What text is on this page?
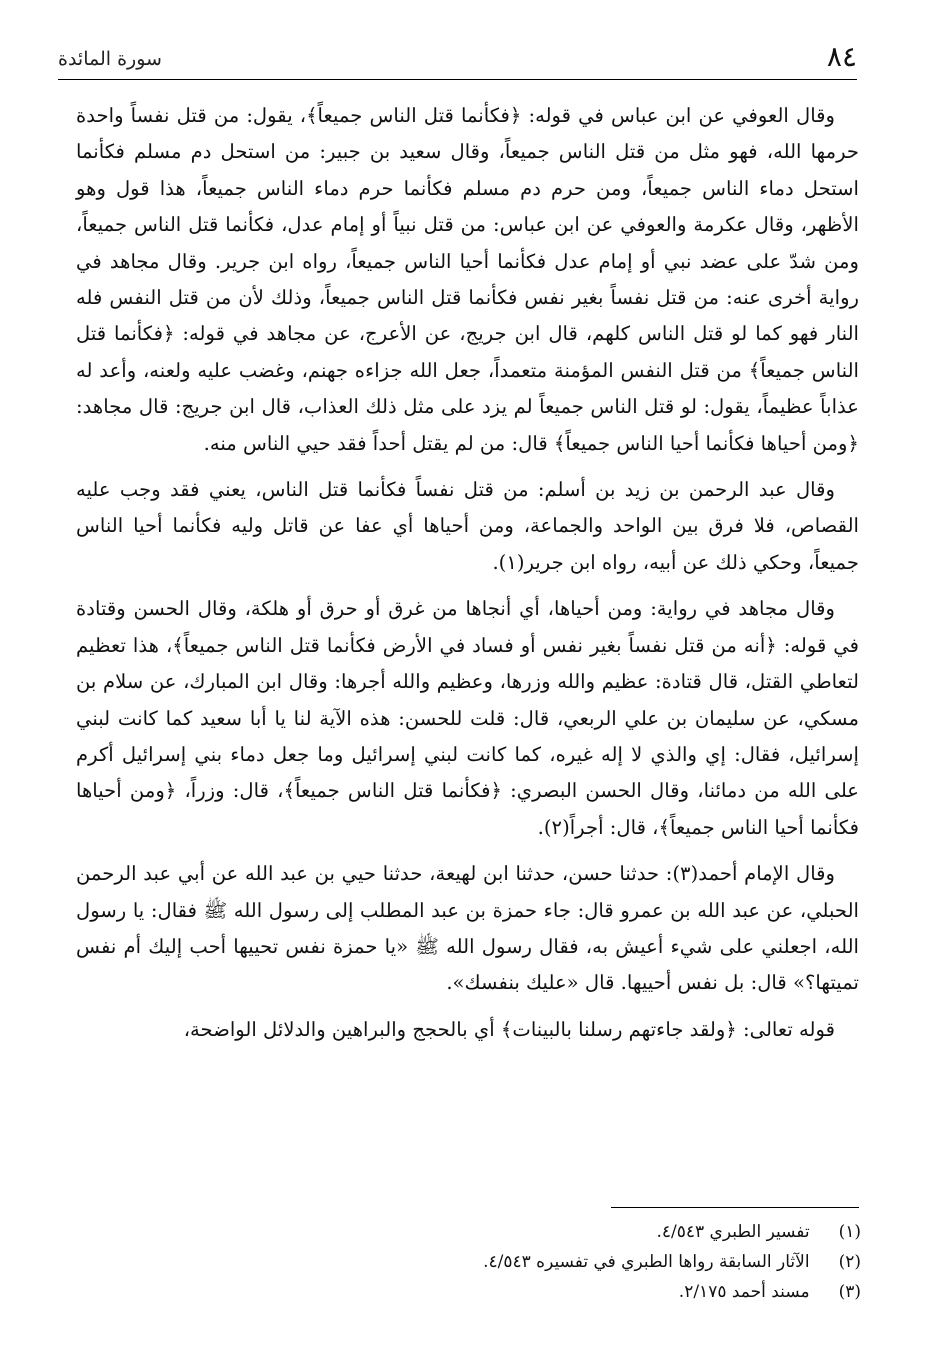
٨٤
سورة المائدة

وقال العوفي عن ابن عباس في قوله: ﴿فكأنما قتل الناس جميعاً﴾، يقول: من قتل نفساً واحدة حرمها الله، فهو مثل من قتل الناس جميعاً، وقال سعيد بن جبير: من استحل دم مسلم فكأنما استحل دماء الناس جميعاً، ومن حرم دم مسلم فكأنما حرم دماء الناس جميعاً، هذا قول وهو الأظهر، وقال عكرمة والعوفي عن ابن عباس: من قتل نبياً أو إمام عدل، فكأنما قتل الناس جميعاً، ومن شدّ على عضد نبي أو إمام عدل فكأنما أحيا الناس جميعاً، رواه ابن جرير. وقال مجاهد في رواية أخرى عنه: من قتل نفساً بغير نفس فكأنما قتل الناس جميعاً، وذلك لأن من قتل النفس فله النار فهو كما لو قتل الناس كلهم، قال ابن جريج، عن الأعرج، عن مجاهد في قوله: ﴿فكأنما قتل الناس جميعاً﴾ من قتل النفس المؤمنة متعمداً، جعل الله جزاءه جهنم، وغضب عليه ولعنه، وأعد له عذاباً عظيماً، يقول: لو قتل الناس جميعاً لم يزد على مثل ذلك العذاب، قال ابن جريج: قال مجاهد: ﴿ومن أحياها فكأنما أحيا الناس جميعاً﴾ قال: من لم يقتل أحداً فقد حيي الناس منه.

وقال عبد الرحمن بن زيد بن أسلم: من قتل نفساً فكأنما قتل الناس، يعني فقد وجب عليه القصاص، فلا فرق بين الواحد والجماعة، ومن أحياها أي عفا عن قاتل وليه فكأنما أحيا الناس جميعاً، وحكي ذلك عن أبيه، رواه ابن جرير(١).

وقال مجاهد في رواية: ومن أحياها، أي أنجاها من غرق أو حرق أو هلكة، وقال الحسن وقتادة في قوله: ﴿أنه من قتل نفساً بغير نفس أو فساد في الأرض فكأنما قتل الناس جميعاً﴾، هذا تعظيم لتعاطي القتل، قال قتادة: عظيم والله وزرها، وعظيم والله أجرها: وقال ابن المبارك، عن سلام بن مسكي، عن سليمان بن علي الربعي، قال: قلت للحسن: هذه الآية لنا يا أبا سعيد كما كانت لبني إسرائيل، فقال: إي والذي لا إله غيره، كما كانت لبني إسرائيل وما جعل دماء بني إسرائيل أكرم على الله من دمائنا، وقال الحسن البصري: ﴿فكأنما قتل الناس جميعاً﴾، قال: وزراً، ﴿ومن أحياها فكأنما أحيا الناس جميعاً﴾، قال: أجراً(٢).

وقال الإمام أحمد(٣): حدثنا حسن، حدثنا ابن لهيعة، حدثنا حيي بن عبد الله عن أبي عبد الرحمن الحبلي، عن عبد الله بن عمرو قال: جاء حمزة بن عبد المطلب إلى رسول الله ﷺ فقال: يا رسول الله، اجعلني على شيء أعيش به، فقال رسول الله ﷺ «يا حمزة نفس تحييها أحب إليك أم نفس تميتها؟» قال: بل نفس أحييها. قال «عليك بنفسك».

قوله تعالى: ﴿ولقد جاءتهم رسلنا بالبينات﴾ أي بالحجج والبراهين والدلائل الواضحة،

(١) تفسير الطبري ٤/٥٤٣.
(٢) الآثار السابقة رواها الطبري في تفسيره ٤/٥٤٣.
(٣) مسند أحمد ٢/١٧٥.
